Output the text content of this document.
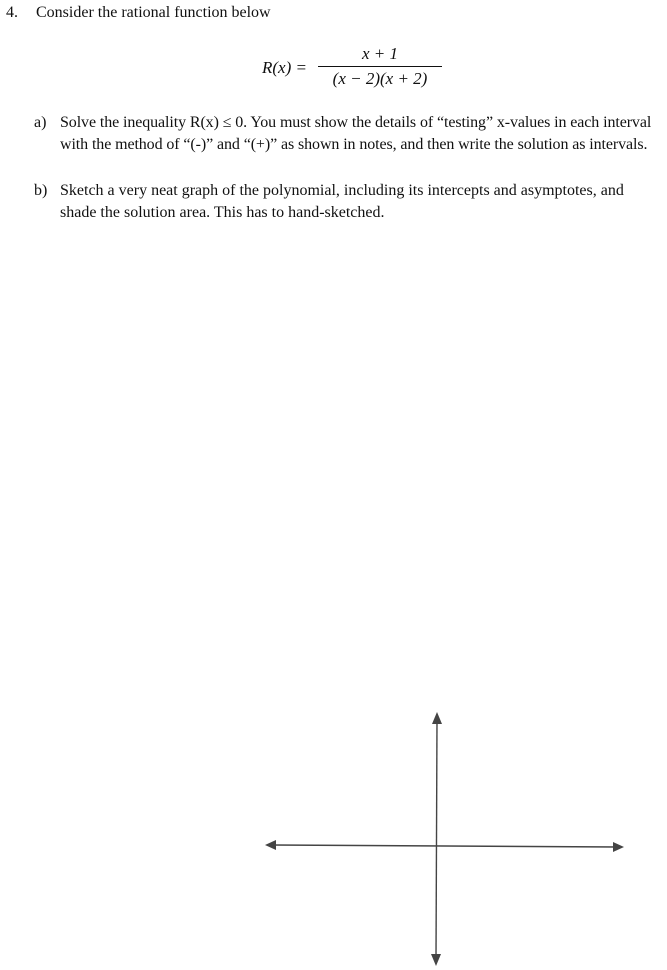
4. Consider the rational function below
R(x) =
x + 1
(x − 2)(x + 2)
a) Solve the inequality R(x) ≤ 0. You must show the details of “testing” x-values in each interval with the method of “(-)” and “(+)” as shown in notes, and then write the solution as intervals.
b) Sketch a very neat graph of the polynomial, including its intercepts and asymptotes, and shade the solution area. This has to hand-sketched.
